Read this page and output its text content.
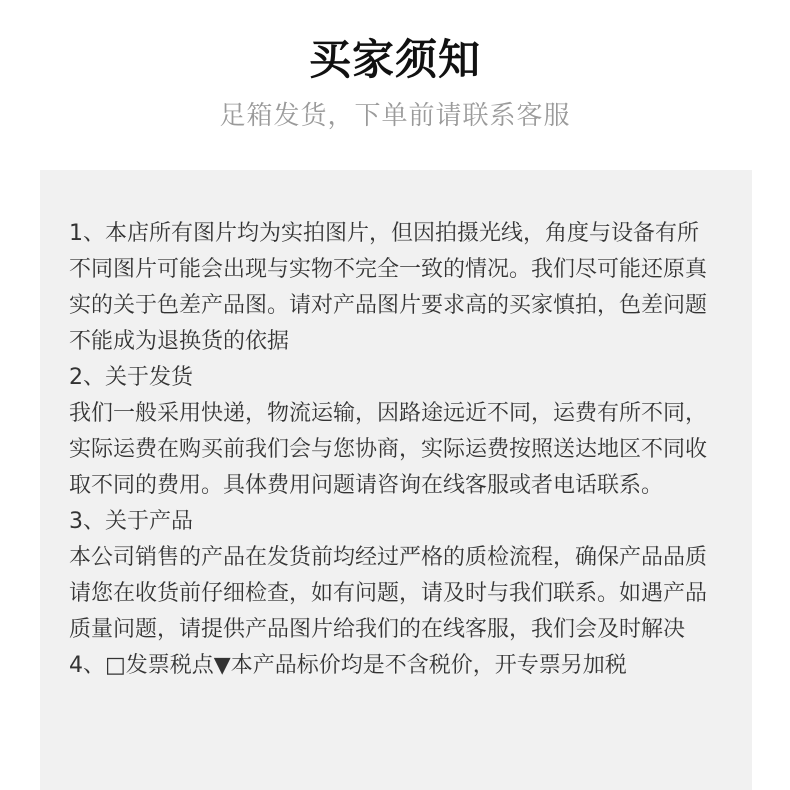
买家须知
足箱发货，下单前请联系客服

1、本店所有图片均为实拍图片，但因拍摄光线，角度与设备有所不同图片可能会出现与实物不完全一致的情况。我们尽可能还原真实的关于色差产品图。请对产品图片要求高的买家慎拍，色差问题不能成为退换货的依据

2、关于发货

我们一般采用快递，物流运输，因路途远近不同，运费有所不同，实际运费在购买前我们会与您协商，实际运费按照送达地区不同收取不同的费用。具体费用问题请咨询在线客服或者电话联系。

3、关于产品

本公司销售的产品在发货前均经过严格的质检流程，确保产品品质请您在收货前仔细检查，如有问题，请及时与我们联系。如遇产品质量问题，请提供产品图片给我们的在线客服，我们会及时解决

4、□发票税点▼本产品标价均是不含税价，开专票另加税
